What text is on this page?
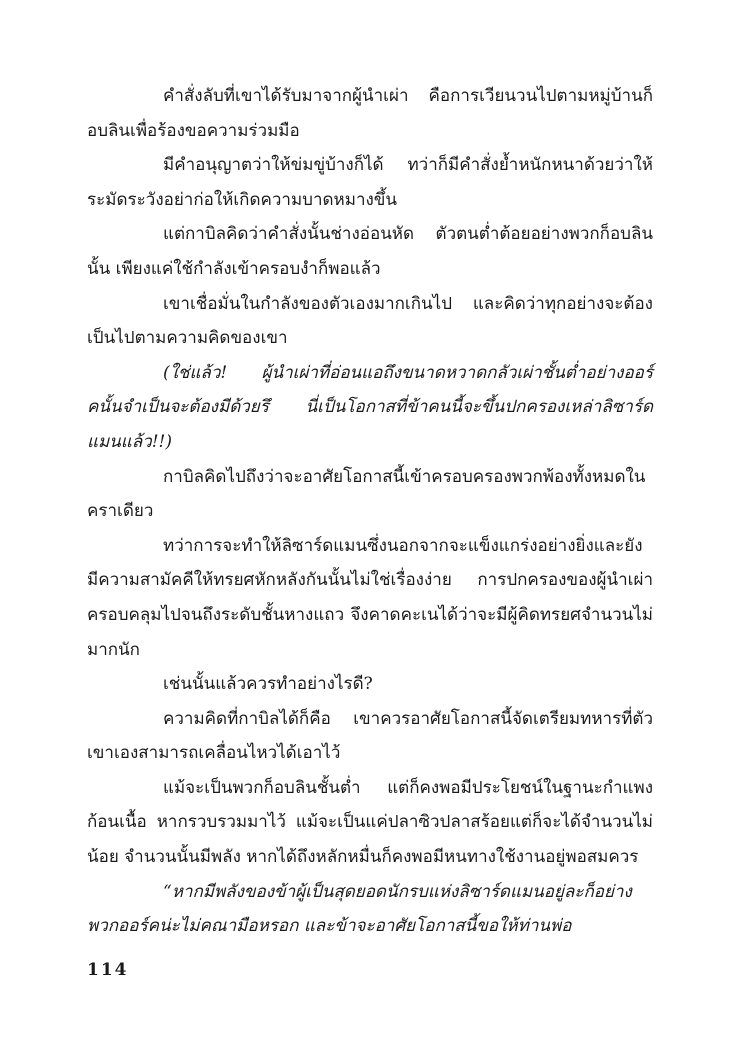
คำสั่งลับที่เขาได้รับมาจากผู้นำเผ่า คือการเวียนวนไปตามหมู่บ้านก็อบลินเพื่อร้องขอความร่วมมือ

มีคำอนุญาตว่าให้ข่มขู่บ้างก็ได้ ทว่าก็มีคำสั่งย้ำหนักหนาด้วยว่าให้ระมัดระวังอย่าก่อให้เกิดความบาดหมางขึ้น

แต่กาบิลคิดว่าคำสั่งนั้นช่างอ่อนหัด ตัวตนต่ำต้อยอย่างพวกก็อบลินนั้น เพียงแค่ใช้กำลังเข้าครอบงำก็พอแล้ว

เขาเชื่อมั่นในกำลังของตัวเองมากเกินไป และคิดว่าทุกอย่างจะต้องเป็นไปตามความคิดของเขา

(ใช่แล้ว! ผู้นำเผ่าที่อ่อนแอถึงขนาดหวาดกลัวเผ่าชั้นต่ำอย่างออร์คนั้นจำเป็นจะต้องมีด้วยรึ นี่เป็นโอกาสที่ข้าคนนี้จะขึ้นปกครองเหล่าลิซาร์ดแมนแล้ว!!)

กาบิลคิดไปถึงว่าจะอาศัยโอกาสนี้เข้าครอบครองพวกพ้องทั้งหมดในคราเดียว

ทว่าการจะทำให้ลิซาร์ดแมนซึ่งนอกจากจะแข็งแกร่งอย่างยิ่งและยังมีความสามัคคีให้ทรยศหักหลังกันนั้นไม่ใช่เรื่องง่าย การปกครองของผู้นำเผ่าครอบคลุมไปจนถึงระดับชั้นหางแถว จึงคาดคะเนได้ว่าจะมีผู้คิดทรยศจำนวนไม่มากนัก

เช่นนั้นแล้วควรทำอย่างไรดี?

ความคิดที่กาบิลได้ก็คือ เขาควรอาศัยโอกาสนี้จัดเตรียมทหารที่ตัวเขาเองสามารถเคลื่อนไหวได้เอาไว้

แม้จะเป็นพวกก็อบลินชั้นต่ำ แต่ก็คงพอมีประโยชน์ในฐานะกำแพงก้อนเนื้อ หากรวบรวมมาไว้ แม้จะเป็นแค่ปลาซิวปลาสร้อยแต่ก็จะได้จำนวนไม่น้อย จำนวนนั้นมีพลัง หากได้ถึงหลักหมื่นก็คงพอมีหนทางใช้งานอยู่พอสมควร

“หากมีพลังของข้าผู้เป็นสุดยอดนักรบแห่งลิซาร์ดแมนอยู่ละก็อย่างพวกออร์คน่ะไม่คณามือหรอก และข้าจะอาศัยโอกาสนี้ขอให้ท่านพ่อ

114
